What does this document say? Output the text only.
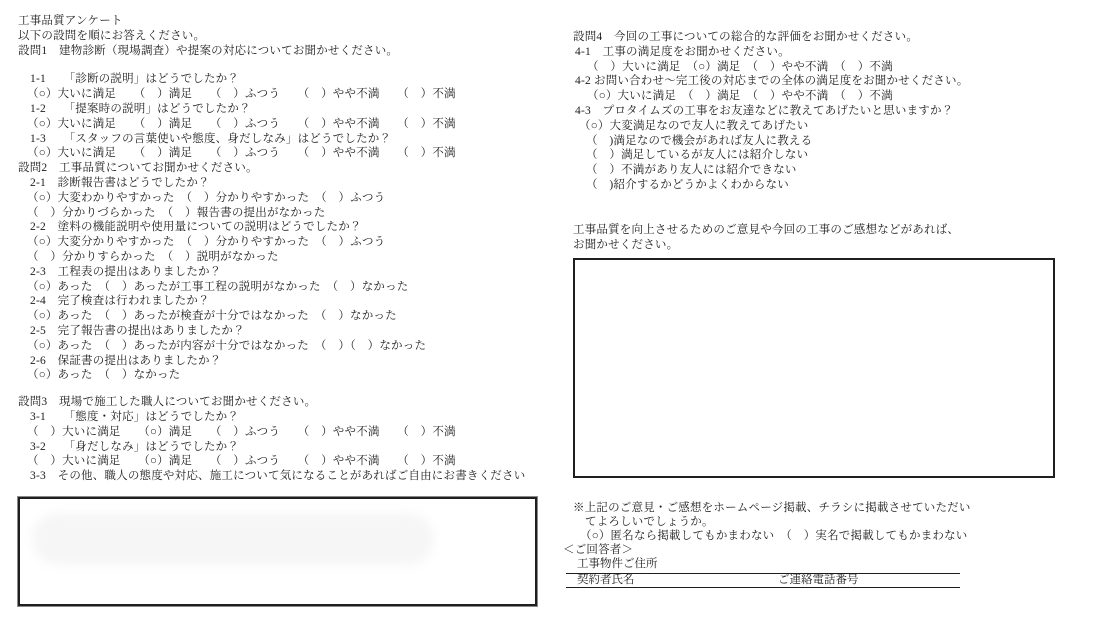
工事品質アンケート
以下の設問を順にお答えください。
設問1　建物診断（現場調査）や提案の対応についてお聞かせください。
1-1　　「診断の説明」はどうでしたか？
（○）大いに満足　　（　）満足　　（　）ふつう　　（　）やや不満　　（　）不満
1-2　　「提案時の説明」はどうでしたか？
（○）大いに満足　　（　）満足　　（　）ふつう　　（　）やや不満　　（　）不満
1-3　　「スタッフの言葉使いや態度、身だしなみ」はどうでしたか？
（○）大いに満足　　（　）満足　　（　）ふつう　　（　）やや不満　　（　）不満
設問2　工事品質についてお聞かせください。
2-1　診断報告書はどうでしたか？
（○）大変わかりやすかった　（　）分かりやすかった　（　）ふつう
（　）分かりづらかった　（　）報告書の提出がなかった
2-2　塗料の機能説明や使用量についての説明はどうでしたか？
（○）大変分かりやすかった　（　）分かりやすかった　（　）ふつう
（　）分かりすらかった　（　）説明がなかった
2-3　工程表の提出はありましたか？
（○）あった　（　）あったが工事工程の説明がなかった　（　）なかった
2-4　完了検査は行われましたか？
（○）あった　（　）あったが検査が十分ではなかった　（　）なかった
2-5　完了報告書の提出はありましたか？
（○）あった　（　）あったが内容が十分ではなかった　（　）（　）なかった
2-6　保証書の提出はありましたか？
（○）あった　（　）なかった
設問3　現場で施工した職人についてお聞かせください。
3-1　　「態度・対応」はどうでしたか？
（　）大いに満足　　（○）満足　　（　）ふつう　　（　）やや不満　　（　）不満
3-2　　「身だしなみ」はどうでしたか？
（　）大いに満足　　（○）満足　　（　）ふつう　　（　）やや不満　　（　）不満
3-3　その他、職人の態度や対応、施工について気になることがあればご自由にお書きください
設問4　今回の工事についての総合的な評価をお聞かせください。
4-1　工事の満足度をお聞かせください。
（　）大いに満足　（○）満足　（　）やや不満　（　）不満
4-2 お問い合わせ～完工後の対応までの全体の満足度をお聞かせください。
（○）大いに満足　（　）満足　（　）やや不満　（　）不満
4-3　プロタイムズの工事をお友達などに教えてあげたいと思いますか？
（○）大変満足なので友人に教えてあげたい
（　)満足なので機会があれば友人に教える
（　）満足しているが友人には紹介しない
（　）不満があり友人には紹介できない
（　)紹介するかどうかよくわからない
工事品質を向上させるためのご意見や今回の工事のご感想などがあれば、
お聞かせください。
※上記のご意見・ご感想をホームページ掲載、チラシに掲載させていただい
てよろしいでしょうか。
（○）匿名なら掲載してもかまわない　（　）実名で掲載してもかまわない
＜ご回答者＞
工事物件ご住所
契約者氏名	ご連絡電話番号
